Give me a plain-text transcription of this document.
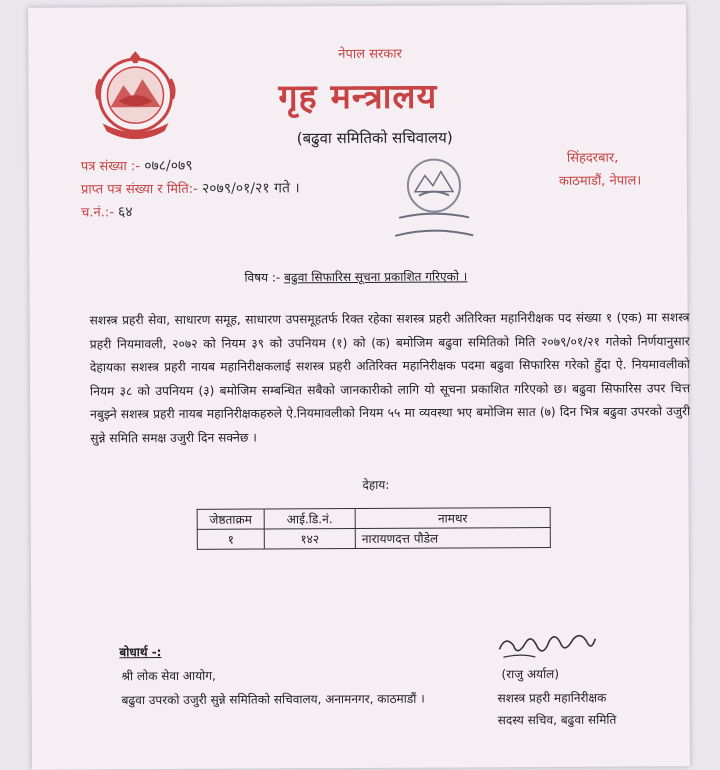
नेपाल सरकार
गृह मन्त्रालय
(बढुवा समितिको सचिवालय)
पत्र संख्या :- ०७८/०७९
प्राप्त पत्र संख्या र मिति:- २०७९/०१/२१ गते ।
च.नं.:- ६४
सिंहदरबार,
काठमाडौं, नेपाल।
विषय :- बढुवा सिफारिस सूचना प्रकाशित गरिएको ।
सशस्त्र प्रहरी सेवा, साधारण समूह, साधारण उपसमूहतर्फ रिक्त रहेका सशस्त्र प्रहरी अतिरिक्त महानिरीक्षक पद संख्या १ (एक) मा सशस्त्र प्रहरी नियमावली, २०७२ को नियम ३९ को उपनियम (१) को (क) बमोजिम बढुवा समितिको मिति २०७९/०१/२१ गतेको निर्णयानुसार देहायका सशस्त्र प्रहरी नायब महानिरीक्षकलाई सशस्त्र प्रहरी अतिरिक्त महानिरीक्षक पदमा बढुवा सिफारिस गरेको हुँदा ऐ. नियमावलीको नियम ३८ को उपनियम (३) बमोजिम सम्बन्धित सबैको जानकारीको लागि यो सूचना प्रकाशित गरिएको छ। बढुवा सिफारिस उपर चित्त नबुझ्ने सशस्त्र प्रहरी नायब महानिरीक्षकहरुले ऐ.नियमावलीको नियम ५५ मा व्यवस्था भए बमोजिम सात (७) दिन भित्र बढुवा उपरको उजुरी सुन्ने समिति समक्ष उजुरी दिन सक्नेछ ।
देहाय:
जेष्ठताक्रम	आई.डि.नं.	नामथर
१	१४२	नारायणदत्त पौडेल
बोधार्थ -:
श्री लोक सेवा आयोग,
बढुवा उपरको उजुरी सुन्ने समितिको सचिवालय, अनामनगर, काठमाडौं ।
(राजु अर्याल)
सशस्त्र प्रहरी महानिरीक्षक
सदस्य सचिव, बढुवा समिति
